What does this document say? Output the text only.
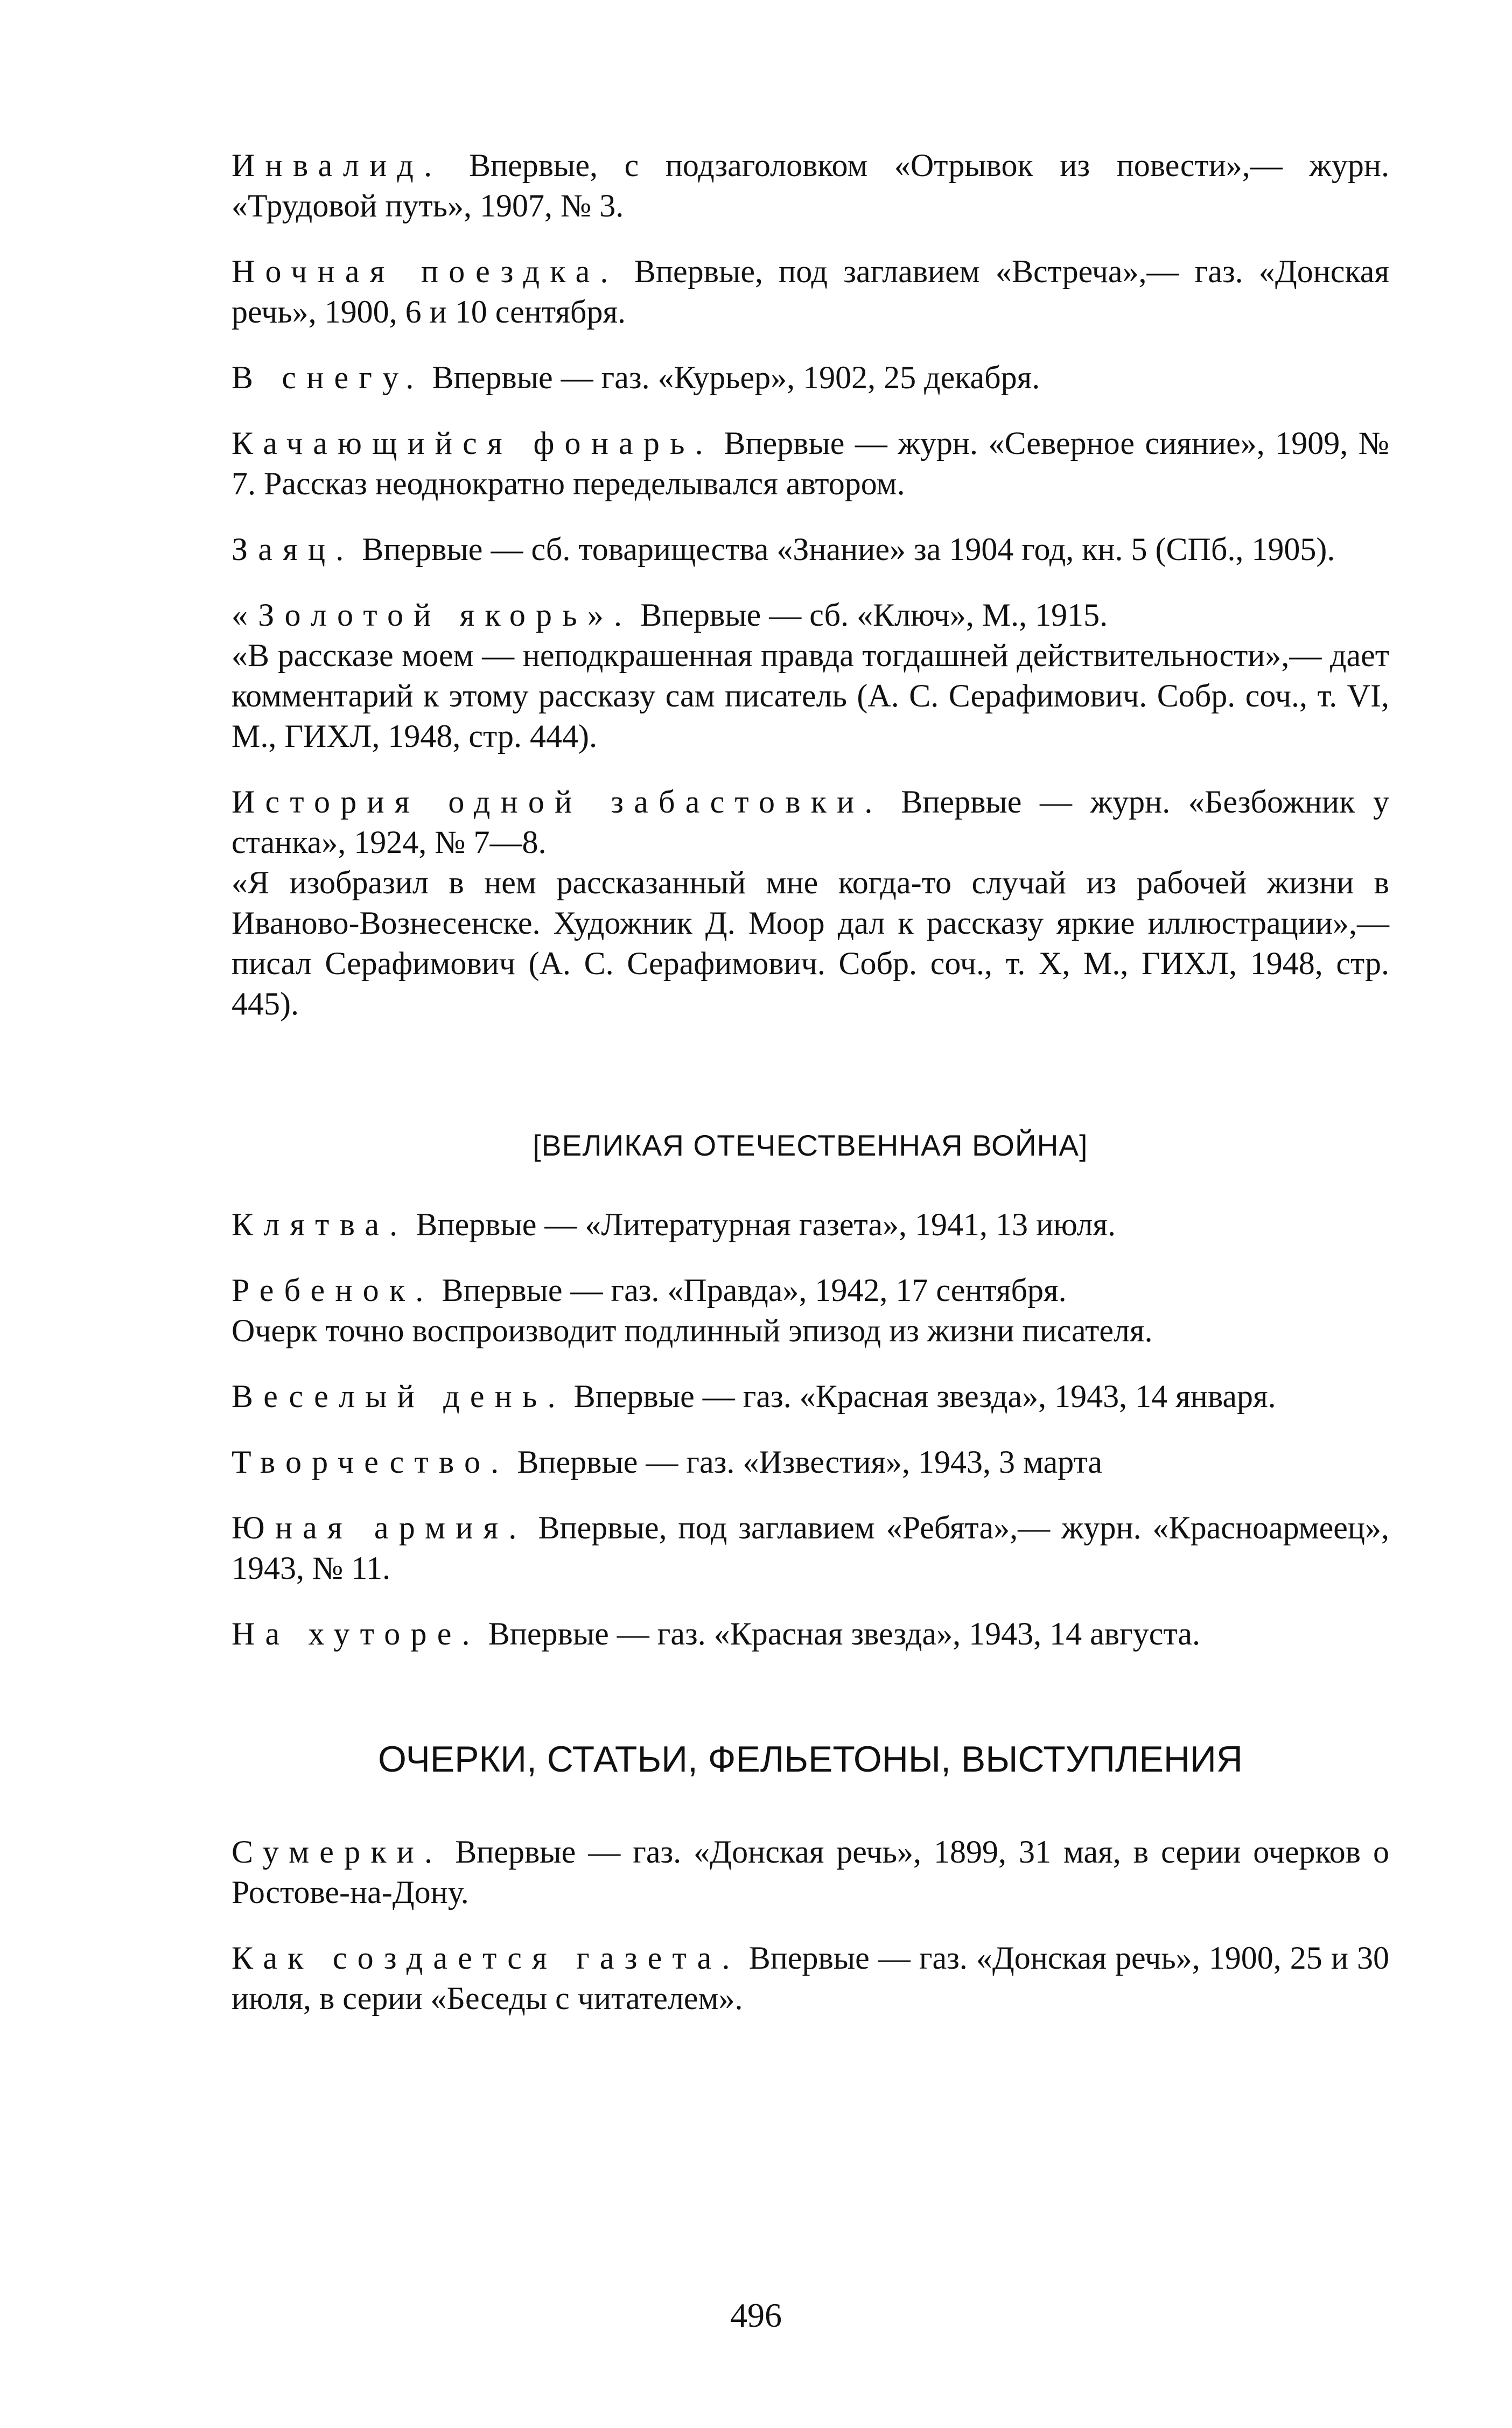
Инвалид. Впервые, с подзаголовком «Отрывок из повести»,— журн. «Трудовой путь», 1907, № 3.

Ночная поездка. Впервые, под заглавием «Встреча»,— газ. «Донская речь», 1900, 6 и 10 сентября.

В снегу. Впервые — газ. «Курьер», 1902, 25 декабря.

Качающийся фонарь. Впервые — журн. «Северное сияние», 1909, № 7. Рассказ неоднократно переделывался автором.

Заяц. Впервые — сб. товарищества «Знание» за 1904 год, кн. 5 (СПб., 1905).

«Золотой якорь». Впервые — сб. «Ключ», М., 1915.

«В рассказе моем — неподкрашенная правда тогдашней действительности»,— дает комментарий к этому рассказу сам писатель (А. С. Серафимович. Собр. соч., т. VI, М., ГИХЛ, 1948, стр. 444).

История одной забастовки. Впервые — журн. «Безбожник у станка», 1924, № 7—8.

«Я изобразил в нем рассказанный мне когда-то случай из рабочей жизни в Иваново-Вознесенске. Художник Д. Моор дал к рассказу яркие иллюстрации»,— писал Серафимович (А. С. Серафимович. Собр. соч., т. X, М., ГИХЛ, 1948, стр. 445).

[ВЕЛИКАЯ ОТЕЧЕСТВЕННАЯ ВОЙНА]

Клятва. Впервые — «Литературная газета», 1941, 13 июля.

Ребенок. Впервые — газ. «Правда», 1942, 17 сентября.

Очерк точно воспроизводит подлинный эпизод из жизни писателя.

Веселый день. Впервые — газ. «Красная звезда», 1943, 14 января.

Творчество. Впервые — газ. «Известия», 1943, 3 марта

Юная армия. Впервые, под заглавием «Ребята»,— журн. «Красноармеец», 1943, № 11.

На хуторе. Впервые — газ. «Красная звезда», 1943, 14 августа.

ОЧЕРКИ, СТАТЬИ, ФЕЛЬЕТОНЫ, ВЫСТУПЛЕНИЯ

Сумерки. Впервые — газ. «Донская речь», 1899, 31 мая, в серии очерков о Ростове-на-Дону.

Как создается газета. Впервые — газ. «Донская речь», 1900, 25 и 30 июля, в серии «Беседы с читателем».

496
